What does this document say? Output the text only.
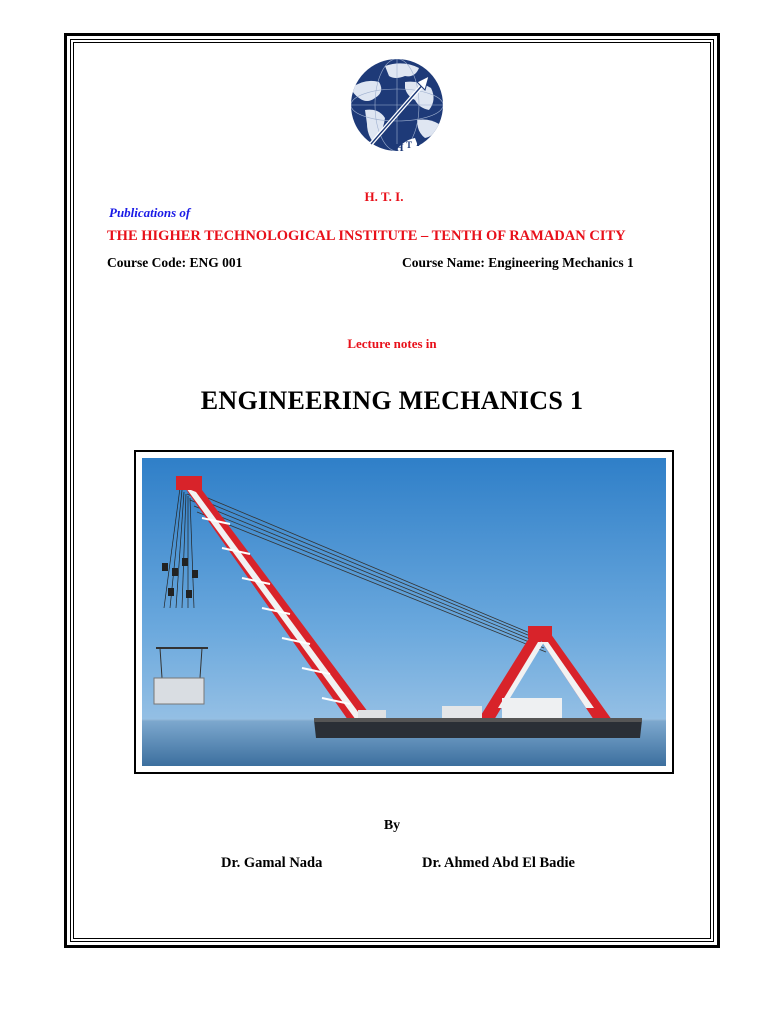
H T I
H. T. I.
Publications of
THE HIGHER TECHNOLOGICAL INSTITUTE – TENTH OF RAMADAN CITY
Course Code: ENG 001	Course Name: Engineering Mechanics 1
Lecture notes in
ENGINEERING MECHANICS 1
By
Dr. Gamal Nada	Dr. Ahmed Abd El Badie
